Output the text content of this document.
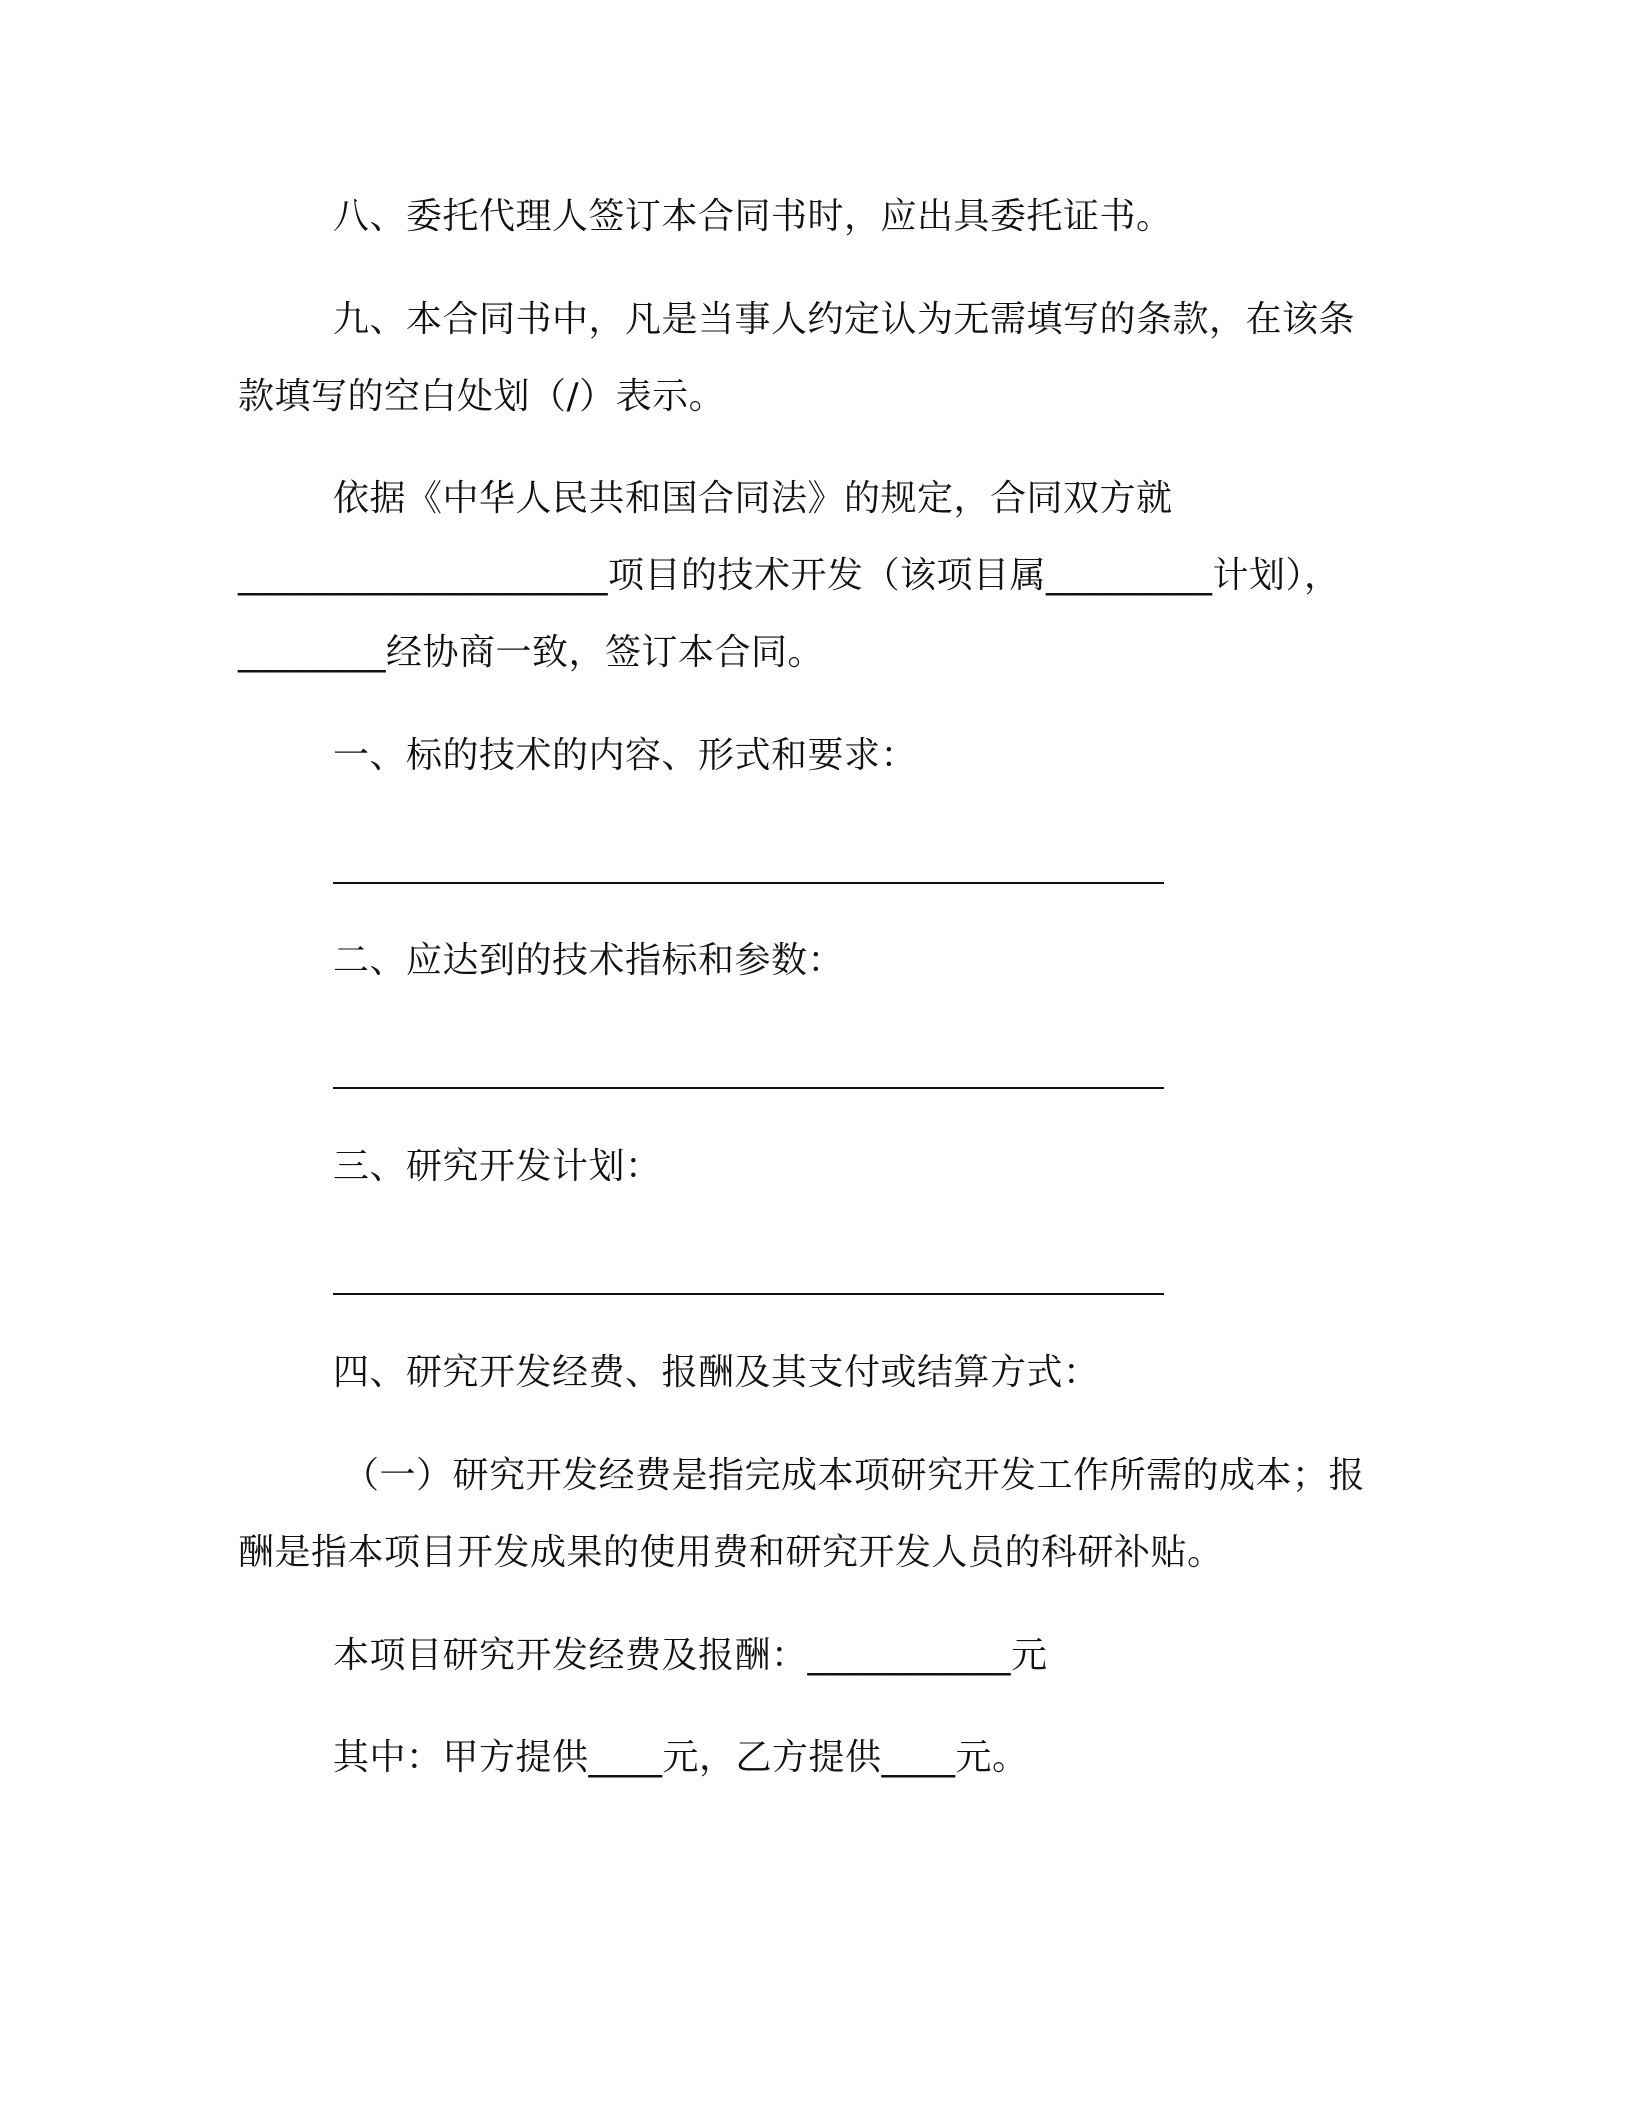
八、委托代理人签订本合同书时，应出具委托证书。
九、本合同书中，凡是当事人约定认为无需填写的条款，在该条
款填写的空白处划（/）表示。
依据《中华人民共和国合同法》的规定，合同双方就
____________________项目的技术开发（该项目属_________计划），
________经协商一致，签订本合同。
一、标的技术的内容、形式和要求：
二、应达到的技术指标和参数：
三、研究开发计划：
四、研究开发经费、报酬及其支付或结算方式：
（一）研究开发经费是指完成本项研究开发工作所需的成本；报
酬是指本项目开发成果的使用费和研究开发人员的科研补贴。
本项目研究开发经费及报酬：___________元
其中：甲方提供____元，乙方提供____元。
